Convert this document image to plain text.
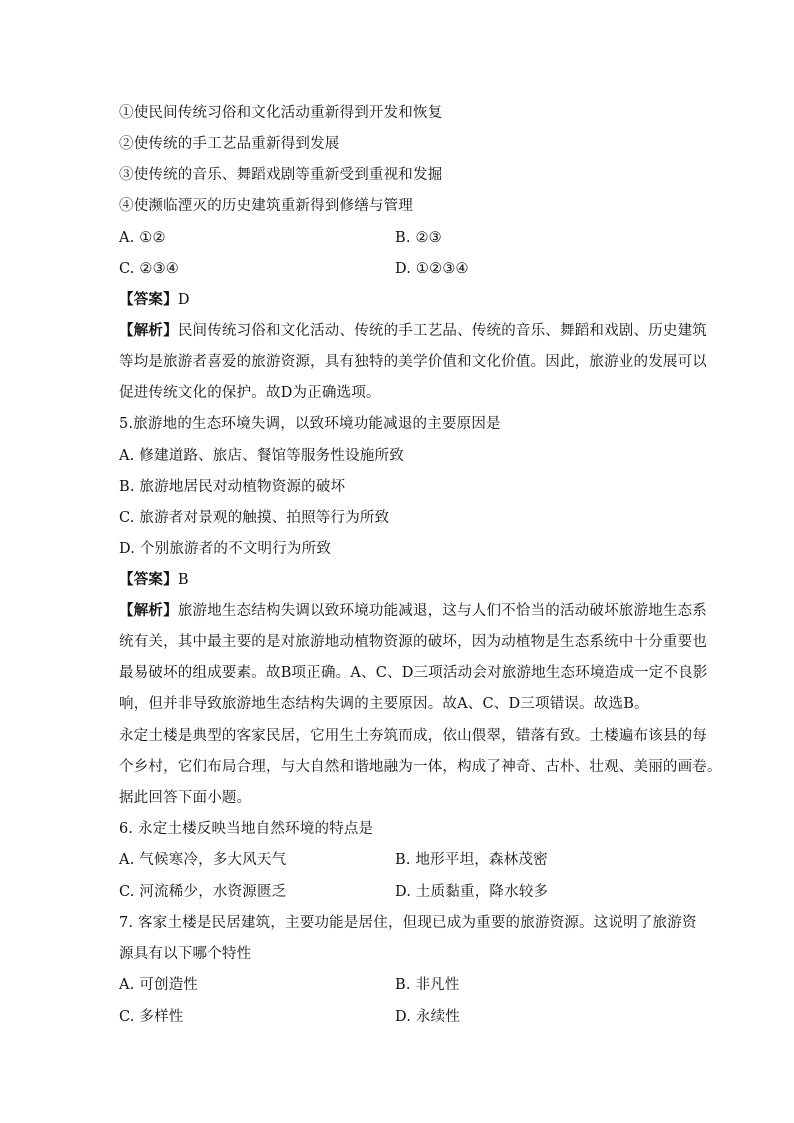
①使民间传统习俗和文化活动重新得到开发和恢复
②使传统的手工艺品重新得到发展
③使传统的音乐、舞蹈戏剧等重新受到重视和发掘
④使濒临湮灭的历史建筑重新得到修缮与管理
A. ①②	B. ②③
C. ②③④	D. ①②③④
【答案】D
【解析】民间传统习俗和文化活动、传统的手工艺品、传统的音乐、舞蹈和戏剧、历史建筑
等均是旅游者喜爱的旅游资源，具有独特的美学价值和文化价值。因此，旅游业的发展可以
促进传统文化的保护。故D为正确选项。
5.旅游地的生态环境失调，以致环境功能减退的主要原因是
A. 修建道路、旅店、餐馆等服务性设施所致
B. 旅游地居民对动植物资源的破坏
C. 旅游者对景观的触摸、拍照等行为所致
D. 个别旅游者的不文明行为所致
【答案】B
【解析】旅游地生态结构失调以致环境功能减退，这与人们不恰当的活动破坏旅游地生态系
统有关，其中最主要的是对旅游地动植物资源的破坏，因为动植物是生态系统中十分重要也
最易破坏的组成要素。故B项正确。A、C、D三项活动会对旅游地生态环境造成一定不良影
响，但并非导致旅游地生态结构失调的主要原因。故A、C、D三项错误。故选B。
永定土楼是典型的客家民居，它用生土夯筑而成，依山偎翠，错落有致。土楼遍布该县的每
个乡村，它们布局合理，与大自然和谐地融为一体，构成了神奇、古朴、壮观、美丽的画卷。
据此回答下面小题。
6. 永定土楼反映当地自然环境的特点是
A. 气候寒冷，多大风天气	B. 地形平坦，森林茂密
C. 河流稀少，水资源匮乏	D. 土质黏重，降水较多
7. 客家土楼是民居建筑，主要功能是居住，但现已成为重要的旅游资源。这说明了旅游资
源具有以下哪个特性
A. 可创造性	B. 非凡性
C. 多样性	D. 永续性
